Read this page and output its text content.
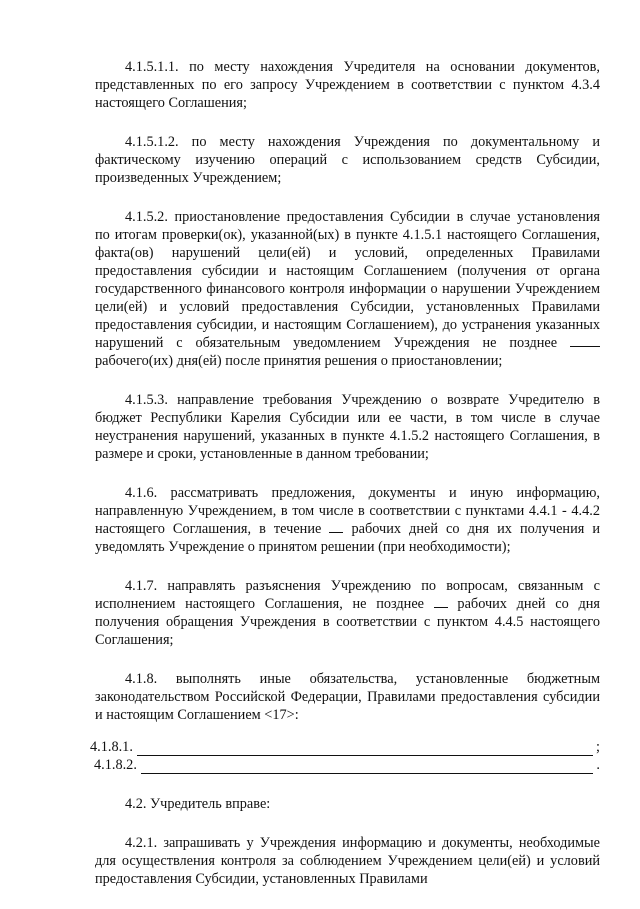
4.1.5.1.1. по месту нахождения Учредителя на основании документов, представленных по его запросу Учреждением в соответствии с пунктом 4.3.4 настоящего Соглашения;

4.1.5.1.2. по месту нахождения Учреждения по документальному и фактическому изучению операций с использованием средств Субсидии, произведенных Учреждением;

4.1.5.2. приостановление предоставления Субсидии в случае установления по итогам проверки(ок), указанной(ых) в пункте 4.1.5.1 настоящего Соглашения, факта(ов) нарушений цели(ей) и условий, определенных Правилами предоставления субсидии и настоящим Соглашением (получения от органа государственного финансового контроля информации о нарушении Учреждением цели(ей) и условий предоставления Субсидии, установленных Правилами предоставления субсидии, и настоящим Соглашением), до устранения указанных нарушений с обязательным уведомлением Учреждения не позднее  рабочего(их) дня(ей) после принятия решения о приостановлении;

4.1.5.3. направление требования Учреждению о возврате Учредителю в бюджет Республики Карелия Субсидии или ее части, в том числе в случае неустранения нарушений, указанных в пункте 4.1.5.2 настоящего Соглашения, в размере и сроки, установленные в данном требовании;

4.1.6. рассматривать предложения, документы и иную информацию, направленную Учреждением, в том числе в соответствии с пунктами 4.4.1 - 4.4.2 настоящего Соглашения, в течение рабочих дней со дня их получения и уведомлять Учреждение о принятом решении (при необходимости);

4.1.7. направлять разъяснения Учреждению по вопросам, связанным с исполнением настоящего Соглашения, не позднее рабочих дней со дня получения обращения Учреждения в соответствии с пунктом 4.4.5 настоящего Соглашения;

4.1.8. выполнять иные обязательства, установленные бюджетным законодательством Российской Федерации, Правилами предоставления субсидии и настоящим Соглашением <17>:

4.1.8.1.	;
4.1.8.2.	.

4.2. Учредитель вправе:

4.2.1. запрашивать у Учреждения информацию и документы, необходимые для осуществления контроля за соблюдением Учреждением цели(ей) и условий предоставления Субсидии, установленных Правилами
